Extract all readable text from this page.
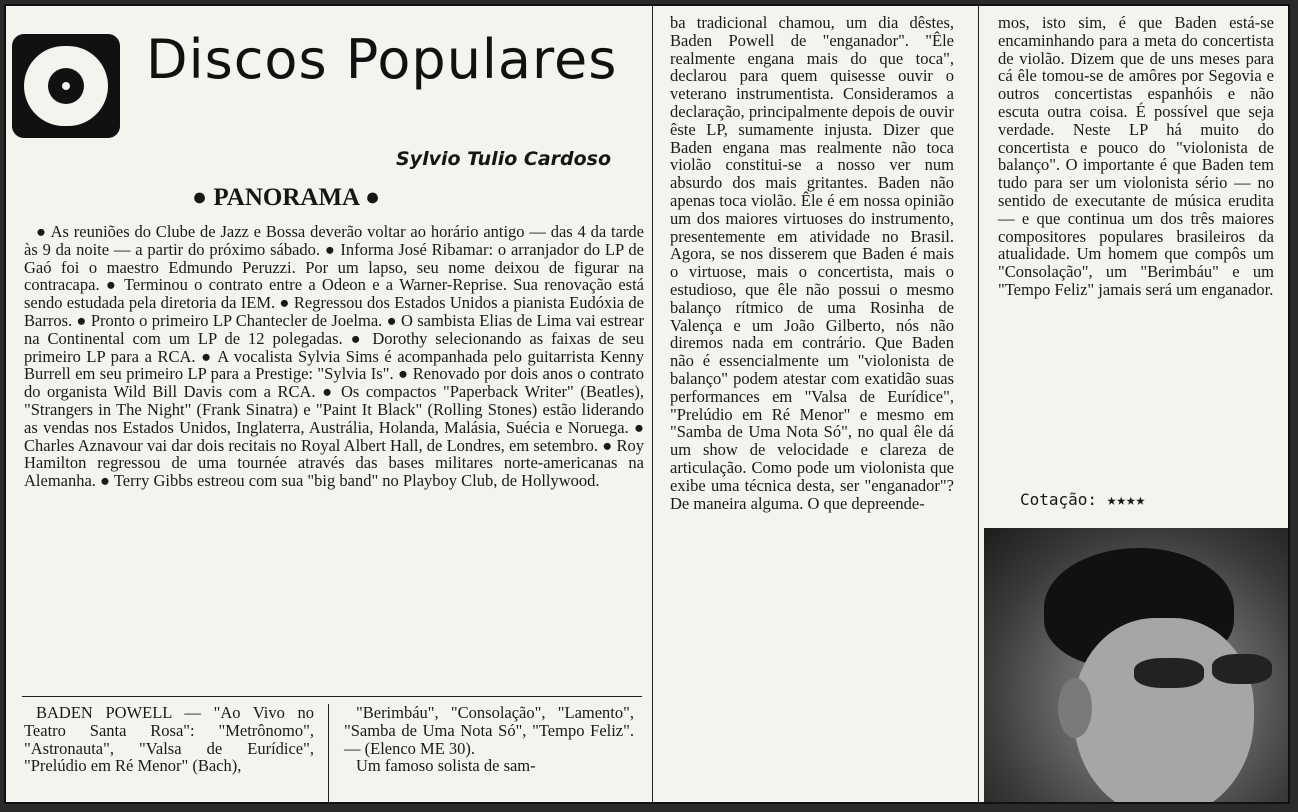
Discos Populares
Sylvio Tulio Cardoso
● PANORAMA ●

● As reuniões do Clube de Jazz e Bossa deverão voltar ao horário antigo — das 4 da tarde às 9 da noite — a partir do próximo sábado. ● Informa José Ribamar: o arranjador do LP de Gaó foi o maestro Edmundo Peruzzi. Por um lapso, seu nome deixou de figurar na contracapa. ● Terminou o contrato entre a Odeon e a Warner-Reprise. Sua renovação está sendo estudada pela diretoria da IEM. ● Regressou dos Estados Unidos a pianista Eudóxia de Barros. ● Pronto o primeiro LP Chantecler de Joelma. ● O sambista Elias de Lima vai estrear na Continental com um LP de 12 polegadas. ● Dorothy selecionando as faixas de seu primeiro LP para a RCA. ● A vocalista Sylvia Sims é acompanhada pelo guitarrista Kenny Burrell em seu primeiro LP para a Prestige: "Sylvia Is". ● Renovado por dois anos o contrato do organista Wild Bill Davis com a RCA. ● Os compactos "Paperback Writer" (Beatles), "Strangers in The Night" (Frank Sinatra) e "Paint It Black" (Rolling Stones) estão liderando as vendas nos Estados Unidos, Inglaterra, Austrália, Holanda, Malásia, Suécia e Noruega. ● Charles Aznavour vai dar dois recitais no Royal Albert Hall, de Londres, em setembro. ● Roy Hamilton regressou de uma tournée através das bases militares norte-americanas na Alemanha. ● Terry Gibbs estreou com sua "big band" no Playboy Club, de Hollywood.

BADEN POWELL — "Ao Vivo no Teatro Santa Rosa": "Metrônomo", "Astronauta", "Valsa de Eurídice", "Prelúdio em Ré Menor" (Bach),

"Berimbáu", "Consolação", "Lamento", "Samba de Uma Nota Só", "Tempo Feliz". — (Elenco ME 30).

Um famoso solista de sam-

ba tradicional chamou, um dia dêstes, Baden Powell de "enganador". "Êle realmente engana mais do que toca", declarou para quem quisesse ouvir o veterano instrumentista. Consideramos a declaração, principalmente depois de ouvir êste LP, sumamente injusta. Dizer que Baden engana mas realmente não toca violão constitui-se a nosso ver num absurdo dos mais gritantes. Baden não apenas toca violão. Êle é em nossa opinião um dos maiores virtuoses do instrumento, presentemente em atividade no Brasil. Agora, se nos disserem que Baden é mais o virtuose, mais o concertista, mais o estudioso, que êle não possui o mesmo balanço rítmico de uma Rosinha de Valença e um João Gilberto, nós não diremos nada em contrário. Que Baden não é essencialmente um "violonista de balanço" podem atestar com exatidão suas performances em "Valsa de Eurídice", "Prelúdio em Ré Menor" e mesmo em "Samba de Uma Nota Só", no qual êle dá um show de velocidade e clareza de articulação. Como pode um violonista que exibe uma técnica desta, ser "enganador"? De maneira alguma. O que depreende-

mos, isto sim, é que Baden está-se encaminhando para a meta do concertista de violão. Dizem que de uns meses para cá êle tomou-se de amôres por Segovia e outros concertistas espanhóis e não escuta outra coisa. É possível que seja verdade. Neste LP há muito do concertista e pouco do "violonista de balanço". O importante é que Baden tem tudo para ser um violonista sério — no sentido de executante de música erudita — e que continua um dos três maiores compositores populares brasileiros da atualidade. Um homem que compôs um "Consolação", um "Berimbáu" e um "Tempo Feliz" jamais será um enganador.

Cotação: ★★★★
